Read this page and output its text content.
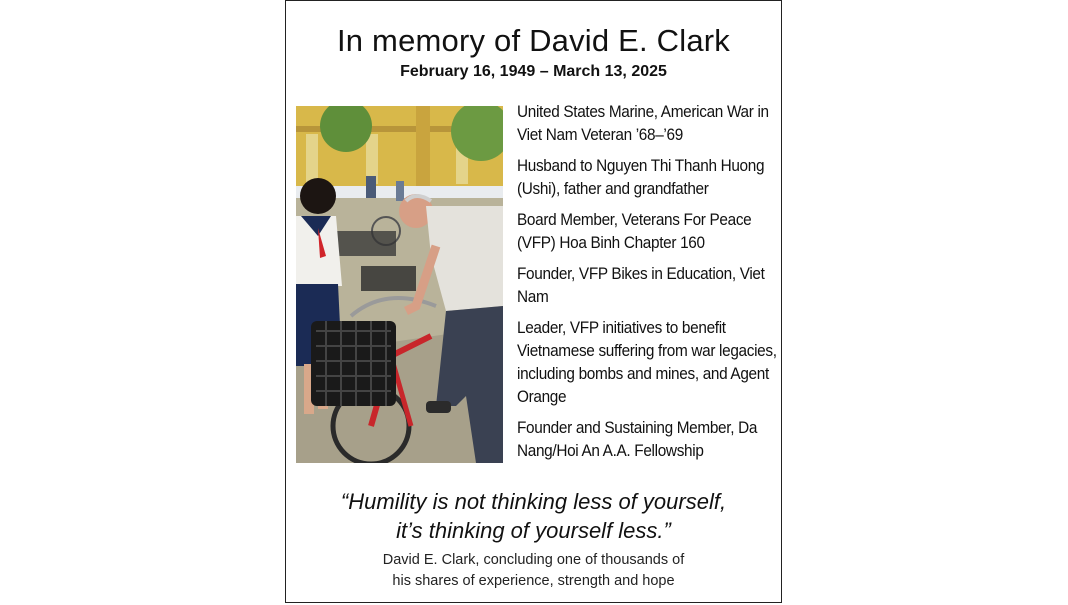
In memory of David E. Clark
February 16, 1949 – March 13, 2025
United States Marine, American War in Viet Nam Veteran ’68–’69
Husband to Nguyen Thi Thanh Huong (Ushi), father and grandfather
Board Member, Veterans For Peace (VFP) Hoa Binh Chapter 160
Founder, VFP Bikes in Education, Viet Nam
Leader, VFP initiatives to benefit Vietnamese suffering from war legacies, including bombs and mines, and Agent Orange
Founder and Sustaining Member, Da Nang/Hoi An A.A. Fellowship
“Humility is not thinking less of yourself,
it’s thinking of yourself less.”
David E. Clark, concluding one of thousands of
his shares of experience, strength and hope
